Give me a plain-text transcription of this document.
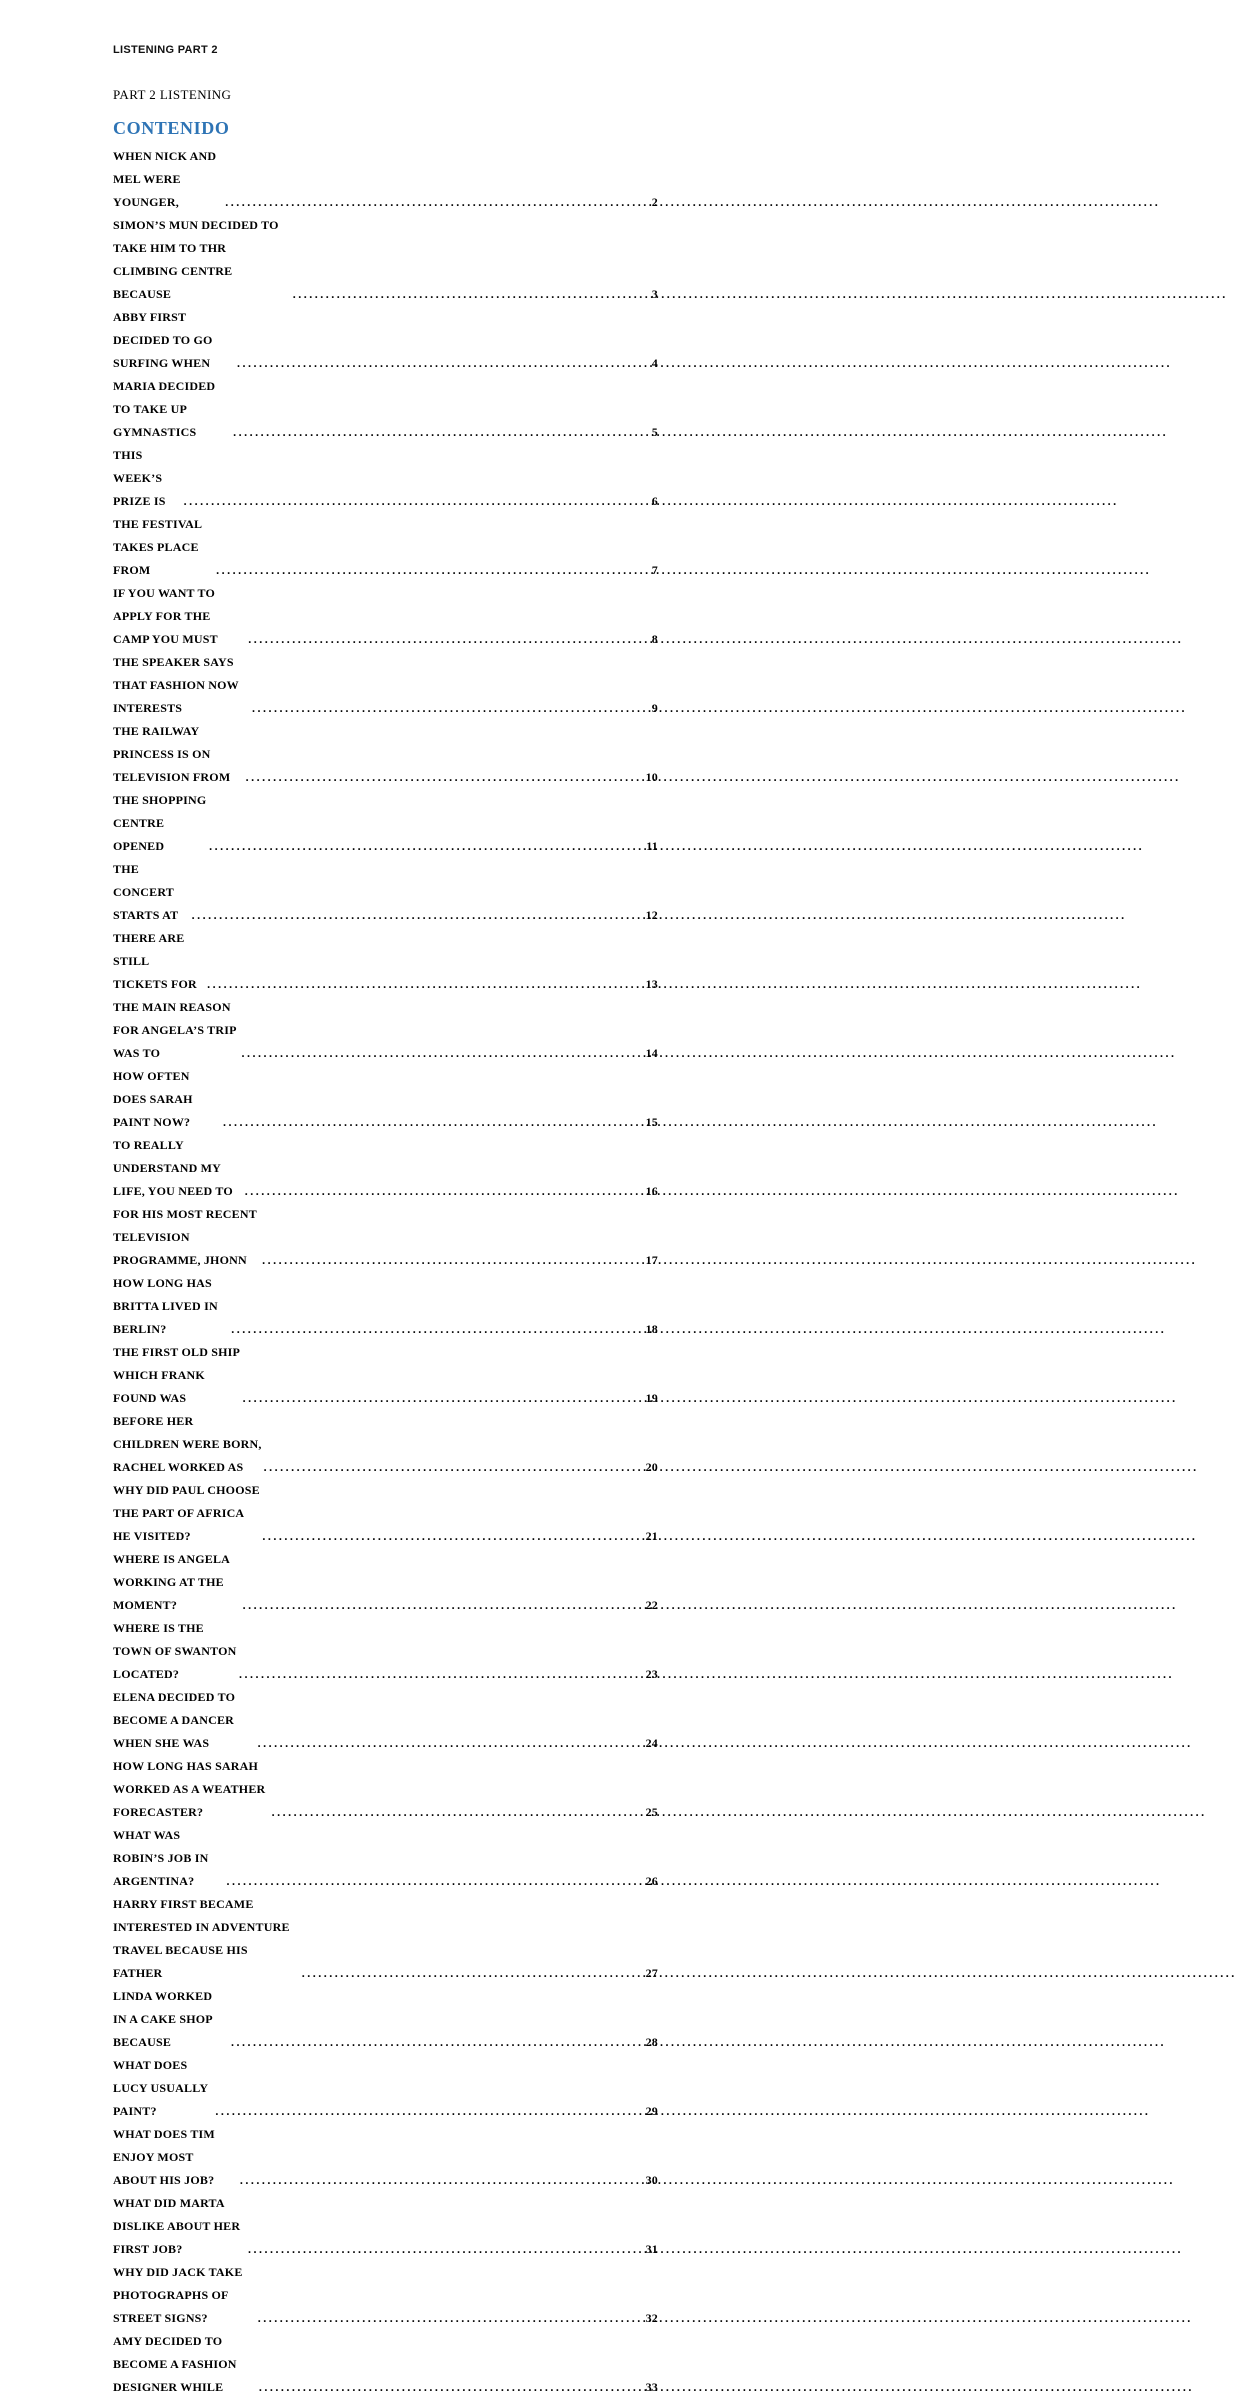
LISTENING PART 2
PART 2 LISTENING
CONTENIDO
WHEN NICK AND MEL WERE YOUNGER, .....	2
SIMON’S MUN DECIDED TO TAKE HIM TO THR CLIMBING CENTRE BECAUSE .....	3
ABBY FIRST DECIDED TO GO SURFING WHEN .....	4
MARIA DECIDED TO TAKE UP GYMNASTICS .....	5
THIS WEEK’S PRIZE IS .....	6
THE FESTIVAL TAKES PLACE FROM .....	7
IF YOU WANT TO APPLY FOR THE CAMP YOU MUST .....	8
THE SPEAKER SAYS THAT FASHION NOW INTERESTS .....	9
THE RAILWAY PRINCESS IS ON TELEVISION FROM .....	10
THE SHOPPING CENTRE OPENED .....	11
THE CONCERT STARTS AT .....	12
THERE ARE STILL TICKETS FOR .....	13
THE MAIN REASON FOR ANGELA’S TRIP WAS TO .....	14
HOW OFTEN DOES SARAH PAINT NOW? .....	15
TO REALLY UNDERSTAND MY LIFE, YOU NEED TO .....	16
FOR HIS MOST RECENT TELEVISION PROGRAMME, JHONN .....	17
HOW LONG HAS BRITTA LIVED IN BERLIN? .....	18
THE FIRST OLD SHIP WHICH FRANK FOUND WAS .....	19
BEFORE HER CHILDREN WERE BORN, RACHEL WORKED AS .....	20
WHY DID PAUL CHOOSE THE PART OF AFRICA HE VISITED? .....	21
WHERE IS ANGELA WORKING AT THE MOMENT? .....	22
WHERE IS THE TOWN OF SWANTON LOCATED? .....	23
ELENA DECIDED TO BECOME A DANCER WHEN SHE WAS .....	24
HOW LONG HAS SARAH WORKED AS A WEATHER FORECASTER? .....	25
WHAT WAS ROBIN’S JOB IN ARGENTINA? .....	26
HARRY FIRST BECAME INTERESTED IN ADVENTURE TRAVEL BECAUSE HIS FATHER .....	27
LINDA WORKED IN A CAKE SHOP BECAUSE .....	28
WHAT DOES LUCY USUALLY PAINT? .....	29
WHAT DOES TIM ENJOY MOST ABOUT HIS JOB? .....	30
WHAT DID MARTA DISLIKE ABOUT HER FIRST JOB? .....	31
WHY DID JACK TAKE PHOTOGRAPHS OF STREET SIGNS? .....	32
AMY DECIDED TO BECOME A FASHION DESIGNER WHILE .....	33
